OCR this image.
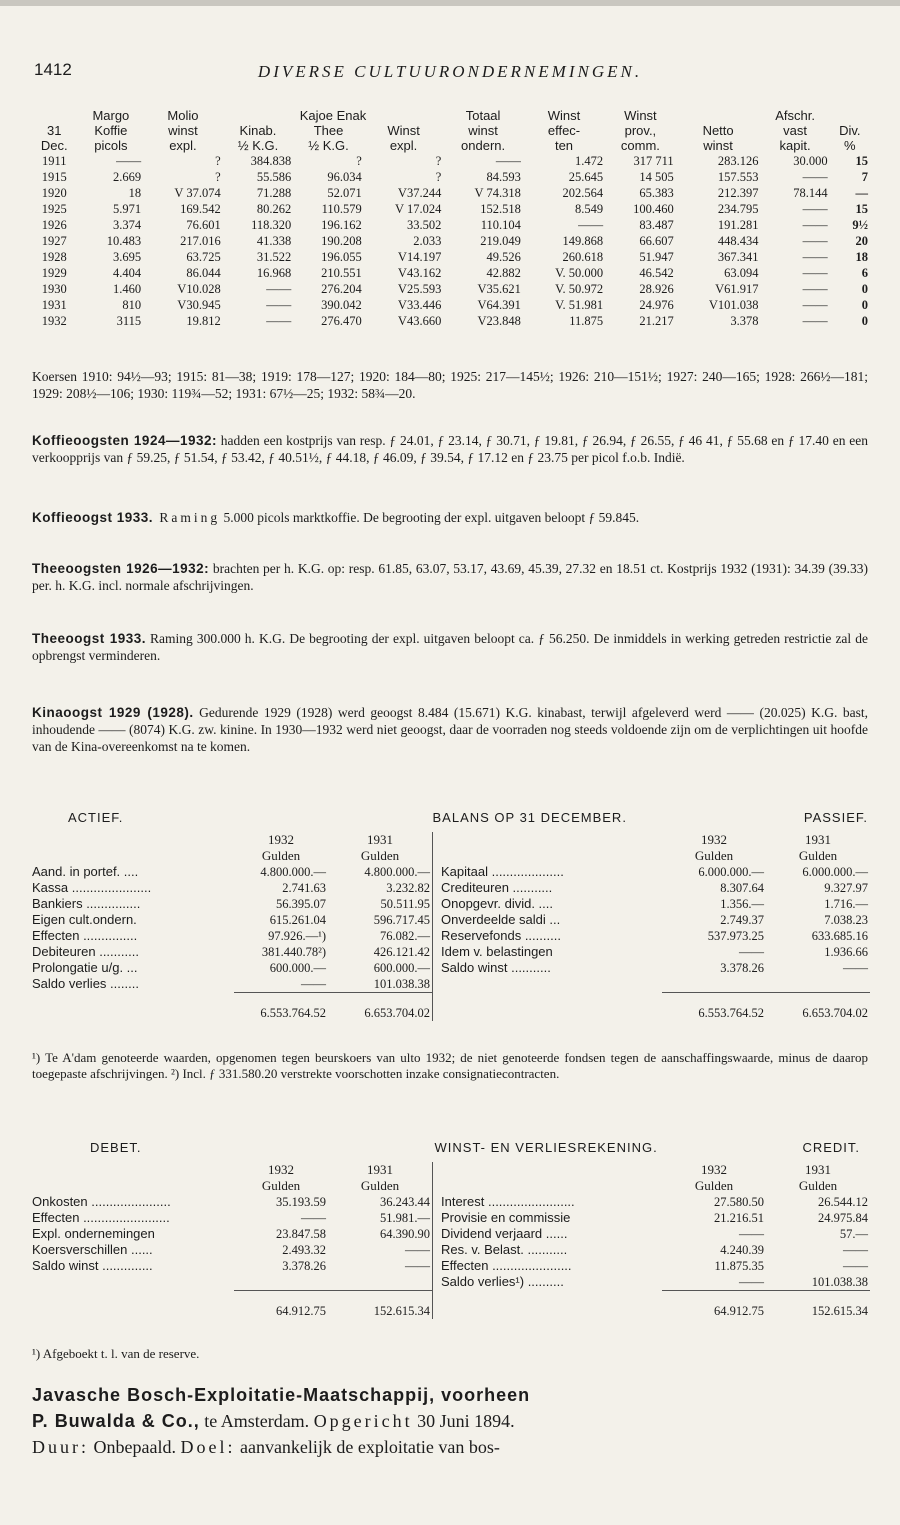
1412	DIVERSE CULTUURONDERNEMINGEN.
	Margo	Molio	Kajoe Enak			Totaal	Winst	Winst		Afschr.	
31	Koffie	winst	Kinab.	Thee	Winst	winst	effec-	prov.,	Netto	vast	Div.
Dec.	picols	expl.	½ K.G.	½ K.G.	expl.	ondern.	ten	comm.	winst	kapit.	%
1911	——	?	384.838	?	?	——	1.472	317 711	283.126	30.000	15
1915	2.669	?	55.586	96.034	?	84.593	25.645	14 505	157.553	——	7
1920	18	V 37.074	71.288	52.071	V37.244	V 74.318	202.564	65.383	212.397	78.144	—
1925	5.971	169.542	80.262	110.579	V 17.024	152.518	8.549	100.460	234.795	——	15
1926	3.374	76.601	118.320	196.162	33.502	110.104	——	83.487	191.281	——	9½
1927	10.483	217.016	41.338	190.208	2.033	219.049	149.868	66.607	448.434	——	20
1928	3.695	63.725	31.522	196.055	V14.197	49.526	260.618	51.947	367.341	——	18
1929	4.404	86.044	16.968	210.551	V43.162	42.882	V. 50.000	46.542	63.094	——	6
1930	1.460	V10.028	——	276.204	V25.593	V35.621	V. 50.972	28.926	V61.917	——	0
1931	810	V30.945	——	390.042	V33.446	V64.391	V. 51.981	24.976	V101.038	——	0
1932	3115	19.812	——	276.470	V43.660	V23.848	11.875	21.217	3.378	——	0
Koersen 1910: 94½—93; 1915: 81—38; 1919: 178—127; 1920: 184—80; 1925: 217—145½; 1926: 210—151½; 1927: 240—165; 1928: 266½—181; 1929: 208½—106; 1930: 119¾—52; 1931: 67½—25; 1932: 58¾—20.
Koffieoogsten 1924—1932: hadden een kostprijs van resp. ƒ 24.01, ƒ 23.14, ƒ 30.71, ƒ 19.81, ƒ 26.94, ƒ 26.55, ƒ 46 41, ƒ 55.68 en ƒ 17.40 en een verkoopprijs van ƒ 59.25, ƒ 51.54, ƒ 53.42, ƒ 40.51½, ƒ 44.18, ƒ 46.09, ƒ 39.54, ƒ 17.12 en ƒ 23.75 per picol f.o.b. Indië.
Koffieoogst 1933. Raming 5.000 picols marktkoffie. De begrooting der expl. uitgaven beloopt ƒ 59.845.
Theeoogsten 1926—1932: brachten per h. K.G. op: resp. 61.85, 63.07, 53.17, 43.69, 45.39, 27.32 en 18.51 ct. Kostprijs 1932 (1931): 34.39 (39.33) per. h. K.G. incl. normale afschrijvingen.
Theeoogst 1933. Raming 300.000 h. K.G. De begrooting der expl. uitgaven beloopt ca. ƒ 56.250. De inmiddels in werking getreden restrictie zal de opbrengst verminderen.
Kinaoogst 1929 (1928). Gedurende 1929 (1928) werd geoogst 8.484 (15.671) K.G. kinabast, terwijl afgeleverd werd —— (20.025) K.G. bast, inhoudende —— (8074) K.G. zw. kinine. In 1930—1932 werd niet geoogst, daar de voorraden nog steeds voldoende zijn om de verplichtingen uit hoofde van de Kina-overeenkomst na te komen.
ACTIEF.			BALANS OP 31 DECEMBER.			PASSIEF.	
	1932	1931				1932	1931
	Gulden	Gulden				Gulden	Gulden
Aand. in portef. ....	4.800.000.—	4.800.000.—		Kapitaal ....................		6.000.000.—	6.000.000.—
Kassa ......................	2.741.63	3.232.82		Crediteuren ...........		8.307.64	9.327.97
Bankiers ...............	56.395.07	50.511.95		Onopgevr. divid. ....		1.356.—	1.716.—
Eigen cult.ondern.	615.261.04	596.717.45		Onverdeelde saldi ...		2.749.37	7.038.23
Effecten ...............	97.926.—¹)	76.082.—		Reservefonds ..........		537.973.25	633.685.16
Debiteuren ...........	381.440.78²)	426.121.42		Idem v. belastingen		——	1.936.66
Prolongatie u/g. ...	600.000.—	600.000.—		Saldo winst ...........		3.378.26	——
Saldo verlies ........	——	101.038.38					
	6.553.764.52	6.653.704.02				6.553.764.52	6.653.704.02
¹) Te A'dam genoteerde waarden, opgenomen tegen beurskoers van ulto 1932; de niet genoteerde fondsen tegen de aanschaffingswaarde, minus de daarop toegepaste afschrijvingen. ²) Incl. ƒ 331.580.20 verstrekte voorschotten inzake consignatiecontracten.
DEBET.			WINST- EN VERLIESREKENING.			CREDIT.	
	1932	1931				1932	1931
	Gulden	Gulden				Gulden	Gulden
Onkosten ......................	35.193.59	36.243.44		Interest ........................		27.580.50	26.544.12
Effecten ........................	——	51.981.—		Provisie en commissie		21.216.51	24.975.84
Expl. ondernemingen	23.847.58	64.390.90		Dividend verjaard ......		——	57.—
Koersverschillen ......	2.493.32	——		Res. v. Belast. ...........		4.240.39	——
Saldo winst ..............	3.378.26	——		Effecten ......................		11.875.35	——
				Saldo verlies¹) ..........		——	101.038.38
	64.912.75	152.615.34				64.912.75	152.615.34
¹) Afgeboekt t. l. van de reserve.
Javasche Bosch-Exploitatie-Maatschappij, voorheen
P. Buwalda & Co., te Amsterdam. Opgericht 30 Juni 1894.
Duur: Onbepaald. Doel: aanvankelijk de exploitatie van bos-
